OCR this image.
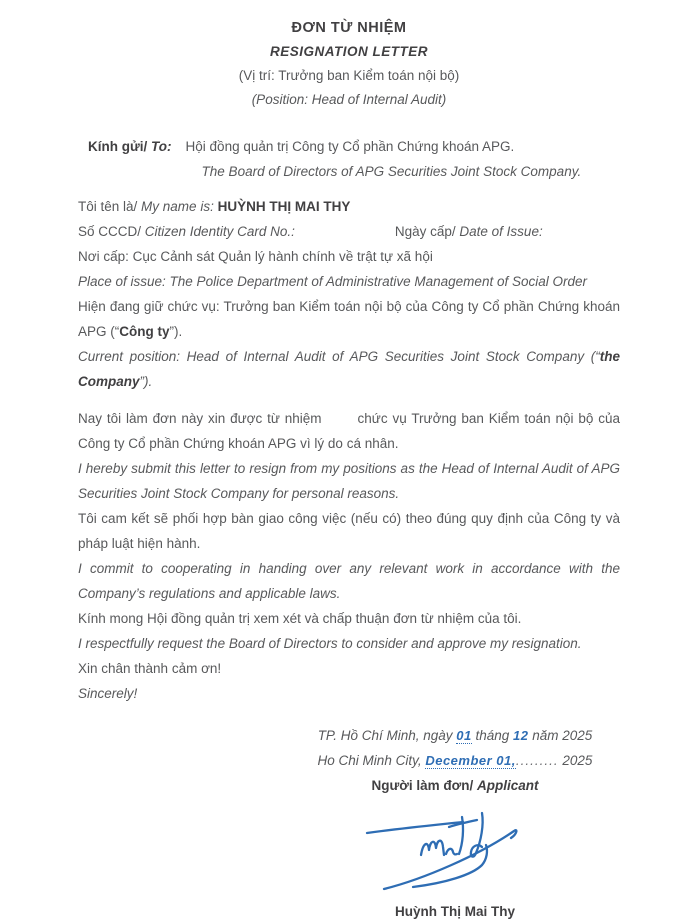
ĐƠN TỪ NHIỆM
RESIGNATION LETTER
(Vị trí: Trưởng ban Kiểm toán nội bộ)
(Position: Head of Internal Audit)
Kính gửi/ To: Hội đồng quản trị Công ty Cổ phần Chứng khoán APG.
The Board of Directors of APG Securities Joint Stock Company.
Tôi tên là/ My name is: HUỲNH THỊ MAI THY
Số CCCD/ Citizen Identity Card No.:	Ngày cấp/ Date of Issue:
Nơi cấp: Cục Cảnh sát Quản lý hành chính về trật tự xã hội
Place of issue: The Police Department of Administrative Management of Social Order
Hiện đang giữ chức vụ: Trưởng ban Kiểm toán nội bộ của Công ty Cổ phần Chứng khoán APG (“Công ty”).
Current position: Head of Internal Audit of APG Securities Joint Stock Company (“the Company”).
Nay tôi làm đơn này xin được từ nhiệm	chức vụ Trưởng ban Kiểm toán nội bộ của Công ty Cổ phần Chứng khoán APG vì lý do cá nhân.
I hereby submit this letter to resign from my positions as the Head of Internal Audit of APG Securities Joint Stock Company for personal reasons.
Tôi cam kết sẽ phối hợp bàn giao công việc (nếu có) theo đúng quy định của Công ty và pháp luật hiện hành.
I commit to cooperating in handing over any relevant work in accordance with the Company’s regulations and applicable laws.
Kính mong Hội đồng quản trị xem xét và chấp thuận đơn từ nhiệm của tôi.
I respectfully request the Board of Directors to consider and approve my resignation.
Xin chân thành cảm ơn!
Sincerely!
TP. Hồ Chí Minh, ngày 01 tháng 12 năm 2025
Ho Chi Minh City, December 01,......... 2025
Người làm đơn/ Applicant
Huỳnh Thị Mai Thy
